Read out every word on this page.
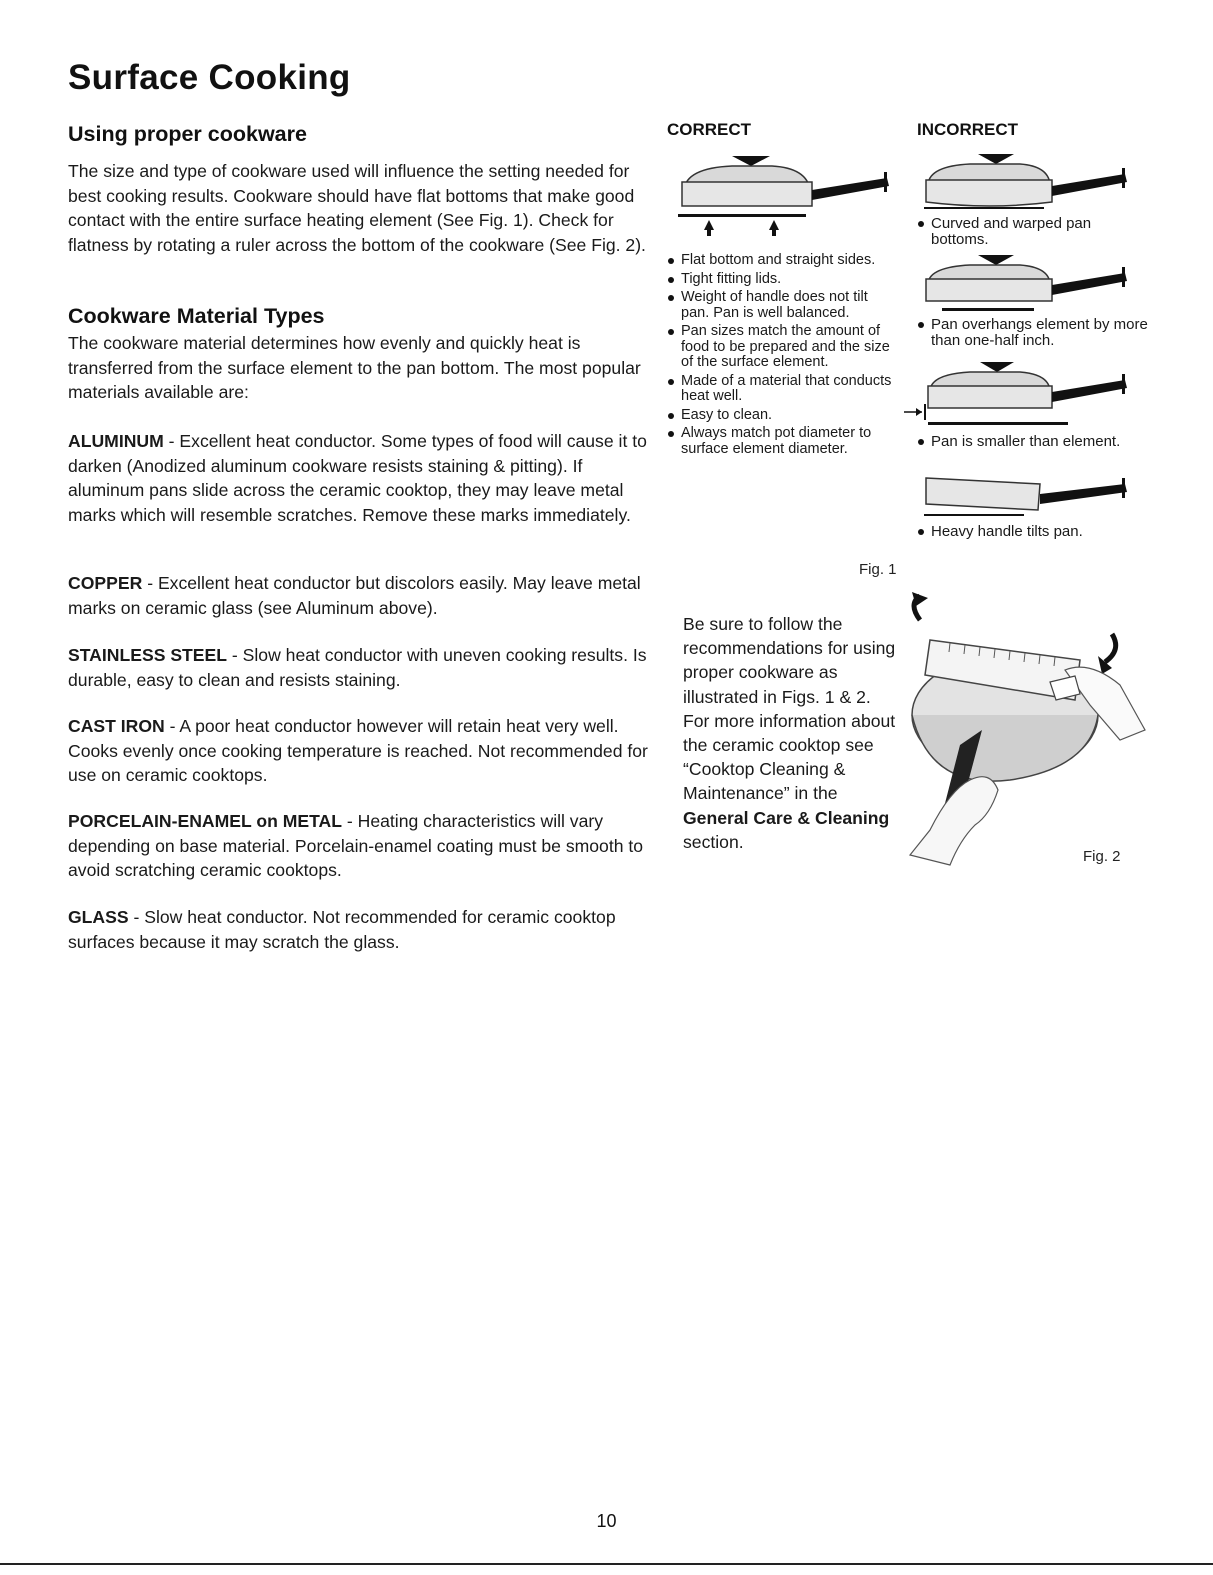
Surface Cooking
Using proper cookware

The size and type of cookware used will influence the setting needed for best cooking results. Cookware should have flat bottoms that make good contact with the entire surface heating element (See Fig. 1). Check for flatness by rotating a ruler across the bottom of the cookware (See Fig. 2).

Cookware Material Types

The cookware material determines how evenly and quickly heat is transferred from the surface element to the pan bottom. The most popular materials available are:

ALUMINUM - Excellent heat conductor. Some types of food will cause it to darken (Anodized aluminum cookware resists staining & pitting). If aluminum pans slide across the ceramic cooktop, they may leave metal marks which will resemble scratches. Remove these marks immediately.

COPPER - Excellent heat conductor but discolors easily. May leave metal marks on ceramic glass (see Aluminum above).

STAINLESS STEEL - Slow heat conductor with uneven cooking results. Is durable, easy to clean and resists staining.

CAST IRON - A poor heat conductor however will retain heat very well. Cooks evenly once cooking temperature is reached. Not recommended for use on ceramic cooktops.

PORCELAIN-ENAMEL on METAL - Heating characteristics will vary depending on base material. Porcelain-enamel coating must be smooth to avoid scratching ceramic cooktops.

GLASS - Slow heat conductor. Not recommended for ceramic cooktop surfaces because it may scratch the glass.

CORRECT	INCORRECT

Flat bottom and straight sides.
Tight fitting lids.
Weight of handle does not tilt pan. Pan is well balanced.
Pan sizes match the amount of food to be prepared and the size of the surface element.
Made of a material that conducts heat well.
Easy to clean.
Always match pot diameter to surface element diameter.

Curved and warped pan bottoms.

Pan overhangs element by more than one-half inch.

Pan is smaller than element.

Heavy handle tilts pan.

Fig. 1

Be sure to follow the recommendations for using proper cookware as illustrated in Figs. 1 & 2. For more information about the ceramic cooktop see “Cooktop Cleaning & Maintenance” in the General Care & Cleaning section.

Fig. 2

10
